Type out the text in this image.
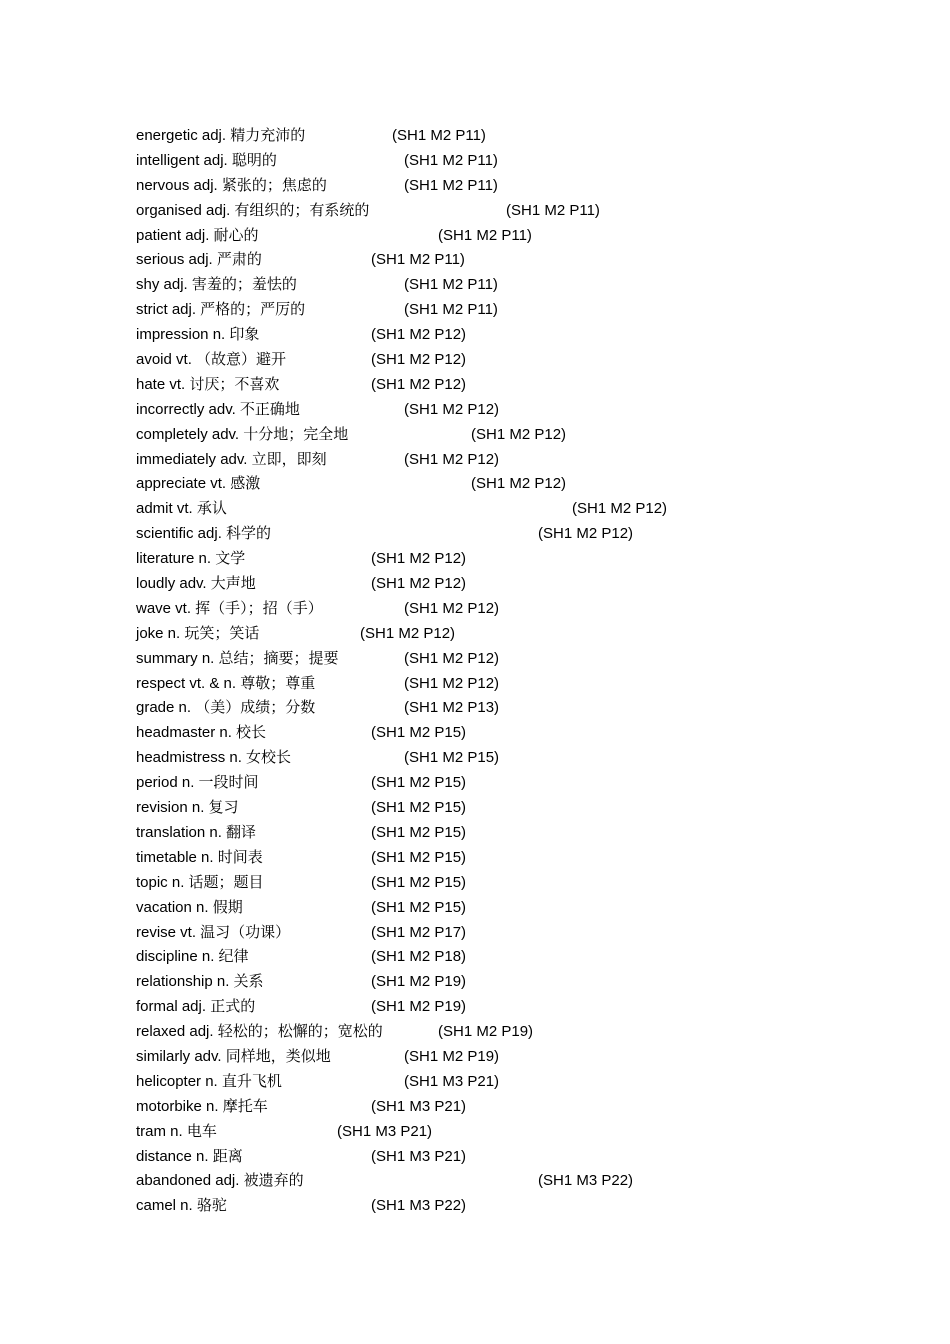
energetic adj. 精力充沛的	(SH1 M2 P11)
intelligent adj. 聪明的	(SH1 M2 P11)
nervous adj. 紧张的；焦虑的	(SH1 M2 P11)
organised adj. 有组织的；有系统的	(SH1 M2 P11)
patient adj. 耐心的	(SH1 M2 P11)
serious adj. 严肃的	(SH1 M2 P11)
shy adj. 害羞的；羞怯的	(SH1 M2 P11)
strict adj. 严格的；严厉的	(SH1 M2 P11)
impression n. 印象	(SH1 M2 P12)
avoid vt. （故意）避开	(SH1 M2 P12)
hate vt. 讨厌；不喜欢	(SH1 M2 P12)
incorrectly adv. 不正确地	(SH1 M2 P12)
completely adv. 十分地；完全地	(SH1 M2 P12)
immediately adv. 立即，即刻	(SH1 M2 P12)
appreciate vt. 感激	(SH1 M2 P12)
admit vt. 承认	(SH1 M2 P12)
scientific adj. 科学的	(SH1 M2 P12)
literature n. 文学	(SH1 M2 P12)
loudly adv. 大声地	(SH1 M2 P12)
wave vt. 挥（手）；招（手）	(SH1 M2 P12)
joke n. 玩笑；笑话	(SH1 M2 P12)
summary n. 总结；摘要；提要	(SH1 M2 P12)
respect vt. & n. 尊敬；尊重	(SH1 M2 P12)
grade n. （美）成绩；分数	(SH1 M2 P13)
headmaster n. 校长	(SH1 M2 P15)
headmistress n. 女校长	(SH1 M2 P15)
period n. 一段时间	(SH1 M2 P15)
revision n. 复习	(SH1 M2 P15)
translation n. 翻译	(SH1 M2 P15)
timetable n. 时间表	(SH1 M2 P15)
topic n. 话题；题目	(SH1 M2 P15)
vacation n. 假期	(SH1 M2 P15)
revise vt. 温习（功课）	(SH1 M2 P17)
discipline n. 纪律	(SH1 M2 P18)
relationship n. 关系	(SH1 M2 P19)
formal adj. 正式的	(SH1 M2 P19)
relaxed adj. 轻松的；松懈的；宽松的	(SH1 M2 P19)
similarly adv. 同样地，类似地	(SH1 M2 P19)
helicopter n. 直升飞机	(SH1 M3 P21)
motorbike n. 摩托车	(SH1 M3 P21)
tram n. 电车	(SH1 M3 P21)
distance n. 距离	(SH1 M3 P21)
abandoned adj. 被遗弃的	(SH1 M3 P22)
camel n. 骆驼	(SH1 M3 P22)
